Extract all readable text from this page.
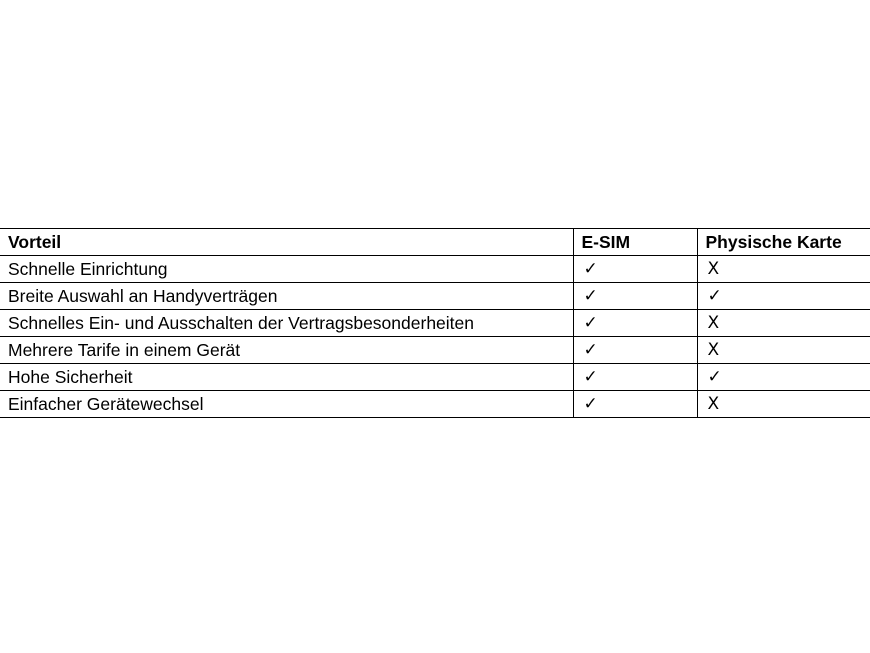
Vorteil	E-SIM	Physische Karte
Schnelle Einrichtung	✓	X
Breite Auswahl an Handyverträgen	✓	✓
Schnelles Ein- und Ausschalten der Vertragsbesonderheiten	✓	X
Mehrere Tarife in einem Gerät	✓	X
Hohe Sicherheit	✓	✓
Einfacher Gerätewechsel	✓	X
